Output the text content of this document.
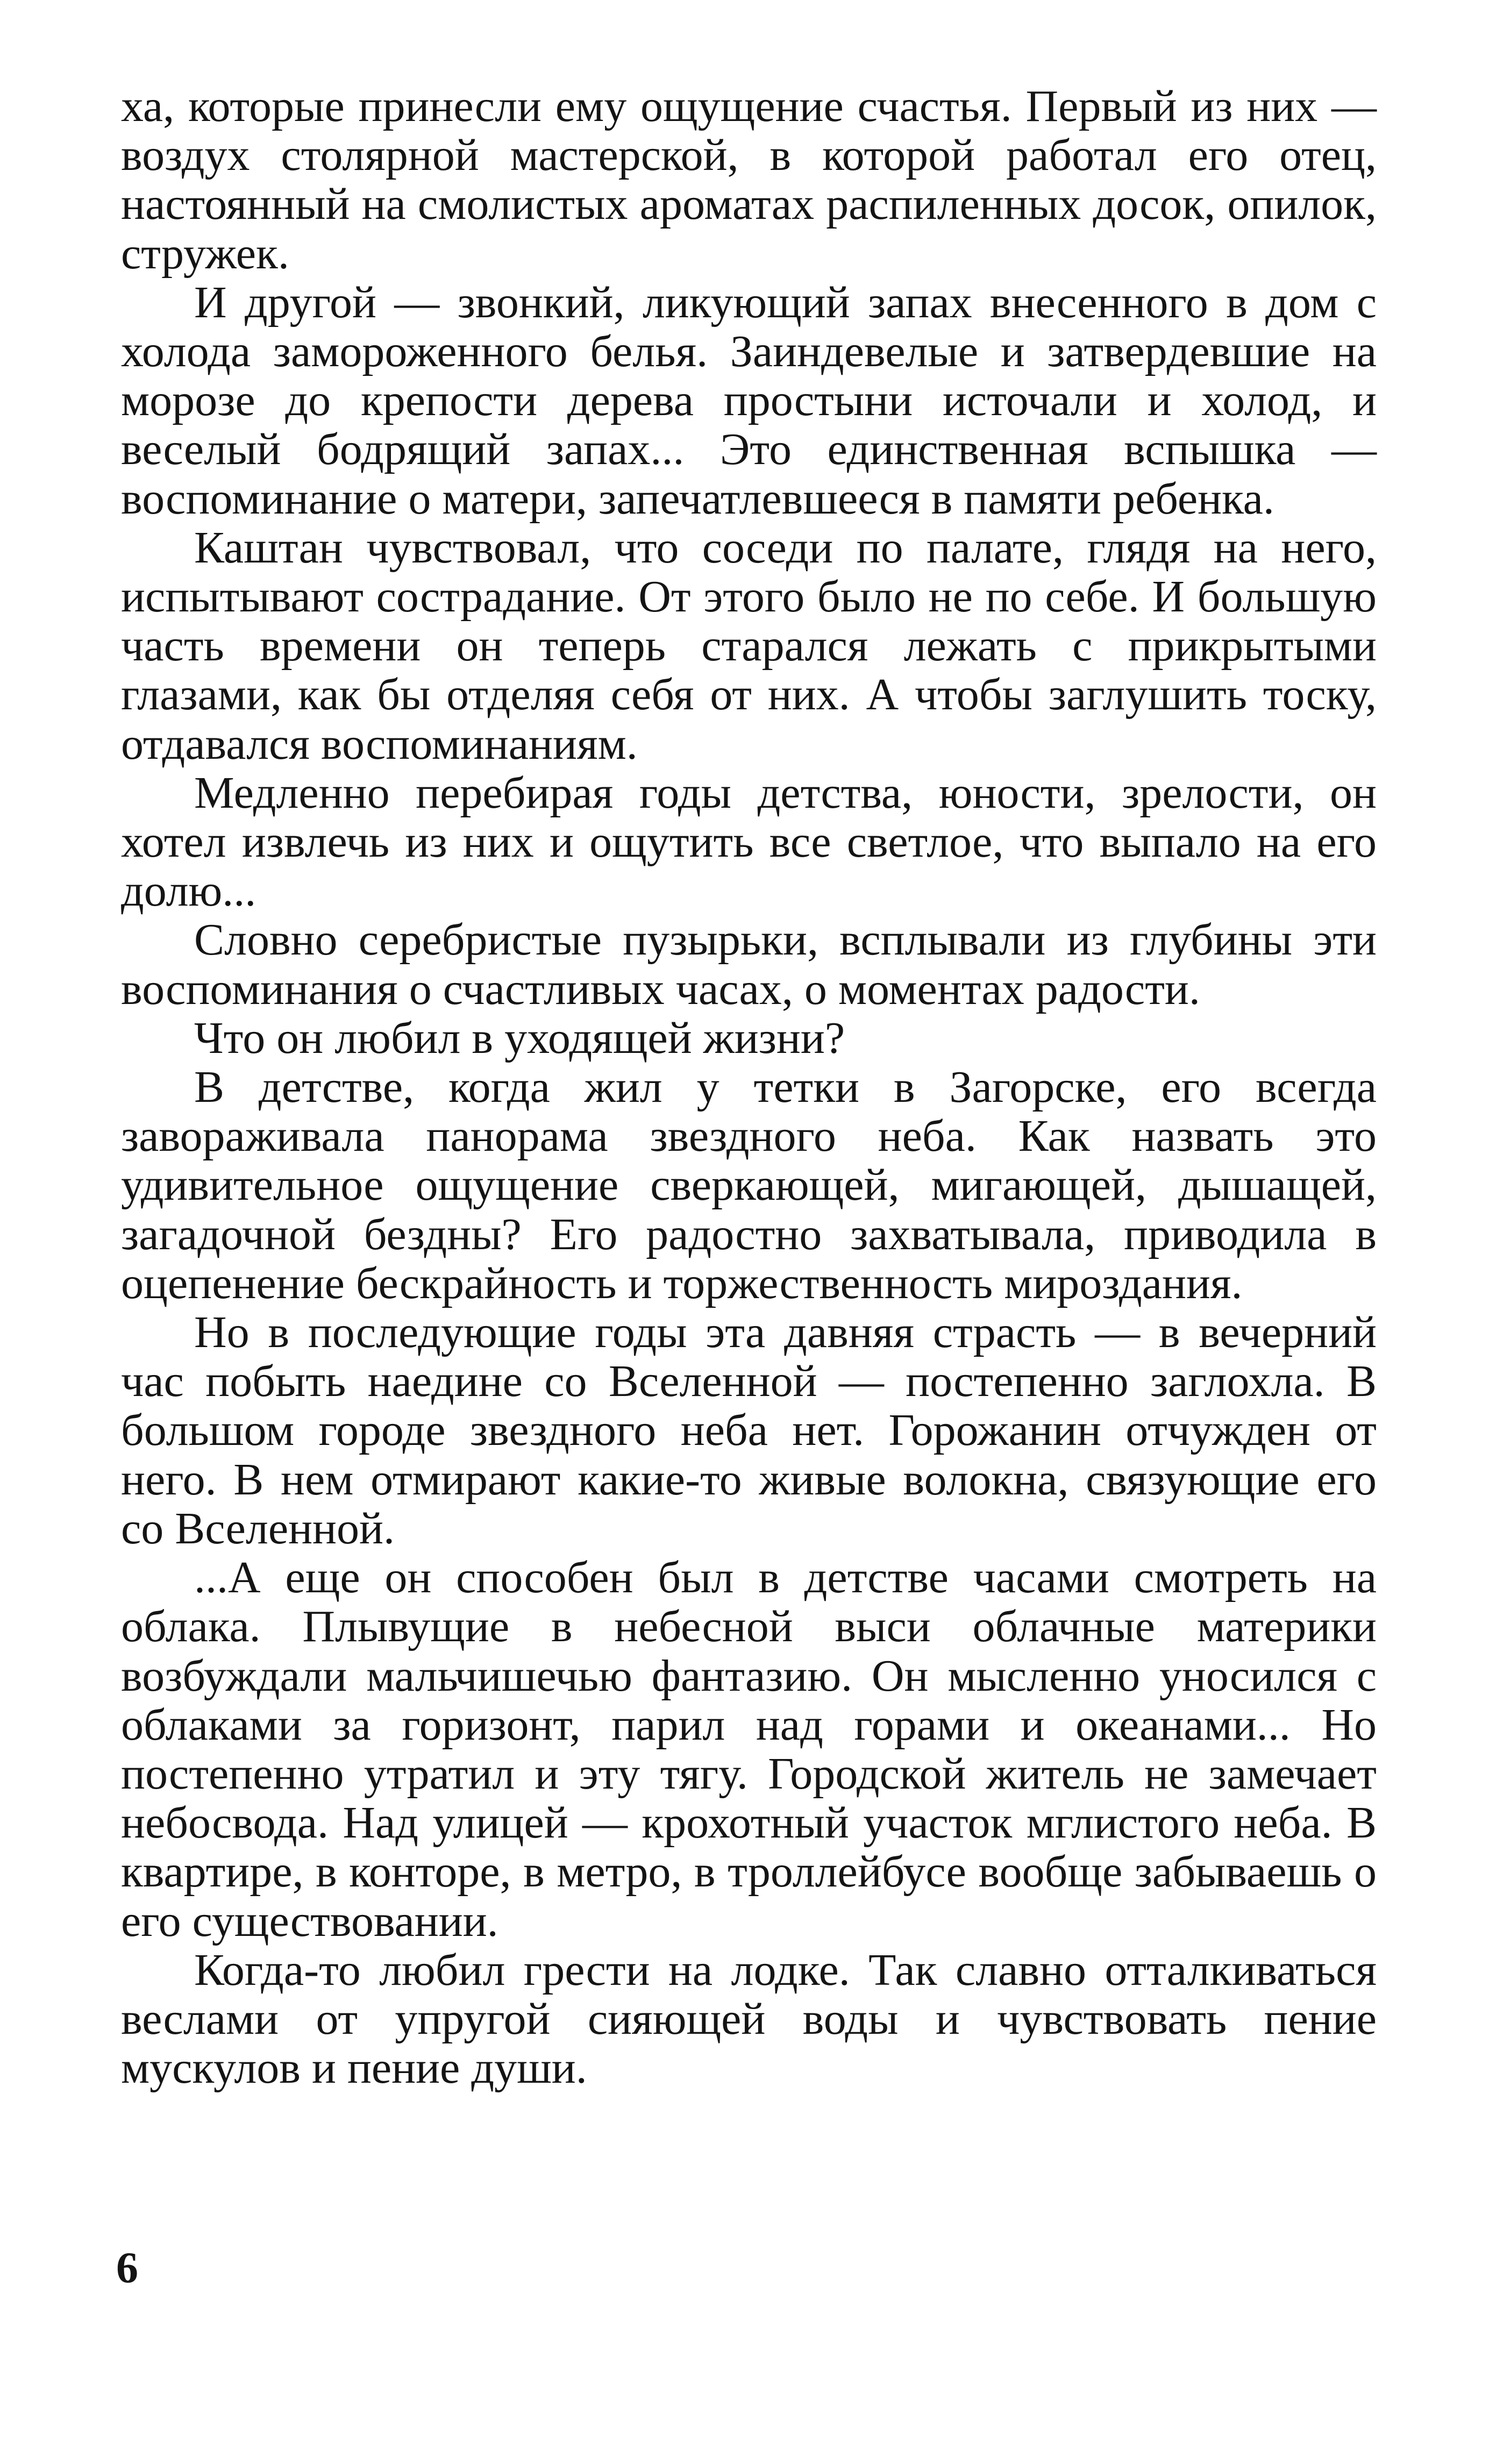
ха, которые принесли ему ощущение счастья. Первый из них — воздух столярной мастерской, в которой работал его отец, настоянный на смолистых ароматах распиленных досок, опилок, стружек.

И другой — звонкий, ликующий запах внесенного в дом с холода замороженного белья. Заиндевелые и затвердевшие на морозе до крепости дерева простыни источали и холод, и веселый бодрящий запах... Это единственная вспышка — воспоминание о матери, запечатлевшееся в памяти ребенка.

Каштан чувствовал, что соседи по палате, глядя на него, испытывают сострадание. От этого было не по себе. И большую часть времени он теперь старался лежать с прикрытыми глазами, как бы отделяя себя от них. А чтобы заглушить тоску, отдавался воспоминаниям.

Медленно перебирая годы детства, юности, зрелости, он хотел извлечь из них и ощутить все светлое, что выпало на его долю...

Словно серебристые пузырьки, всплывали из глубины эти воспоминания о счастливых часах, о моментах радости.

Что он любил в уходящей жизни?

В детстве, когда жил у тетки в Загорске, его всегда завораживала панорама звездного неба. Как назвать это удивительное ощущение сверкающей, мигающей, дышащей, загадочной бездны? Его радостно захватывала, приводила в оцепенение бескрайность и торжественность мироздания.

Но в последующие годы эта давняя страсть — в вечерний час побыть наедине со Вселенной — постепенно заглохла. В большом городе звездного неба нет. Горожанин отчужден от него. В нем отмирают какие-то живые волокна, связующие его со Вселенной.

...А еще он способен был в детстве часами смотреть на облака. Плывущие в небесной выси облачные материки возбуждали мальчишечью фантазию. Он мысленно уносился с облаками за горизонт, парил над горами и океанами... Но постепенно утратил и эту тягу. Городской житель не замечает небосвода. Над улицей — крохотный участок мглистого неба. В квартире, в конторе, в метро, в троллейбусе вообще забываешь о его существовании.

Когда-то любил грести на лодке. Так славно отталкиваться веслами от упругой сияющей воды и чувствовать пение мускулов и пение души.

6
